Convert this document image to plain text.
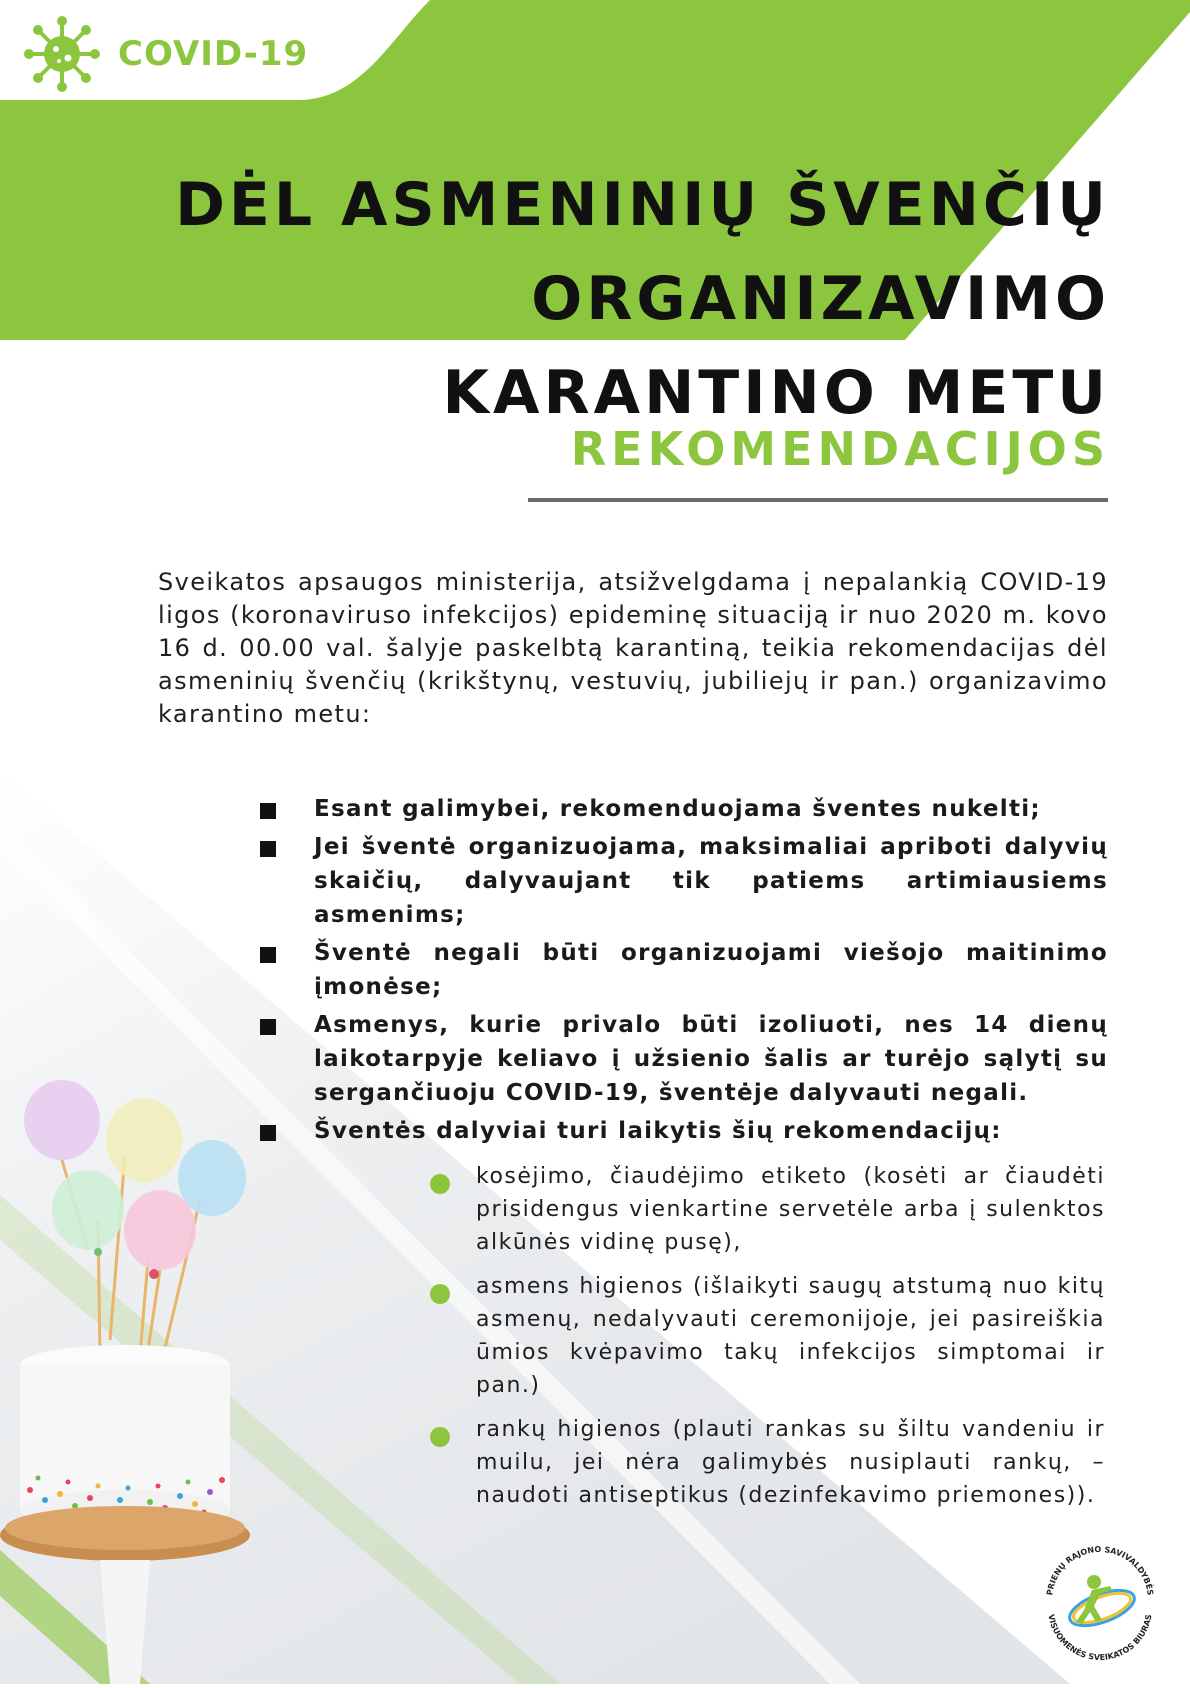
COVID-19
DĖL ASMENINIŲ ŠVENČIŲ
ORGANIZAVIMO
KARANTINO METU
REKOMENDACIJOS
Sveikatos apsaugos ministerija, atsižvelgdama į nepalankią COVID-19 ligos (koronaviruso infekcijos) epideminę situaciją ir nuo 2020 m. kovo 16 d. 00.00 val. šalyje paskelbtą karantiną, teikia rekomendacijas dėl asmeninių švenčių (krikštynų, vestuvių, jubiliejų ir pan.) organizavimo karantino metu:
Esant galimybei, rekomenduojama šventes nukelti;
Jei šventė organizuojama, maksimaliai apriboti dalyvių skaičių, dalyvaujant tik patiems artimiausiems asmenims;
Šventė negali būti organizuojami viešojo maitinimo įmonėse;
Asmenys, kurie privalo būti izoliuoti, nes 14 dienų laikotarpyje keliavo į užsienio šalis ar turėjo sąlytį su sergančiuoju COVID-19, šventėje dalyvauti negali.
Šventės dalyviai turi laikytis šių rekomendacijų:
kosėjimo, čiaudėjimo etiketo (kosėti ar čiaudėti prisidengus vienkartine servetėle arba į sulenktos alkūnės vidinę pusę),
asmens higienos (išlaikyti saugų atstumą nuo kitų asmenų, nedalyvauti ceremonijoje, jei pasireiškia ūmios kvėpavimo takų infekcijos simptomai ir pan.)
rankų higienos (plauti rankas su šiltu vandeniu ir muilu, jei nėra galimybės nusiplauti rankų, – naudoti antiseptikus (dezinfekavimo priemones)).
PRIENŲ RAJONO SAVIVALDYBĖS
VISUOMENĖS SVEIKATOS BIURAS
